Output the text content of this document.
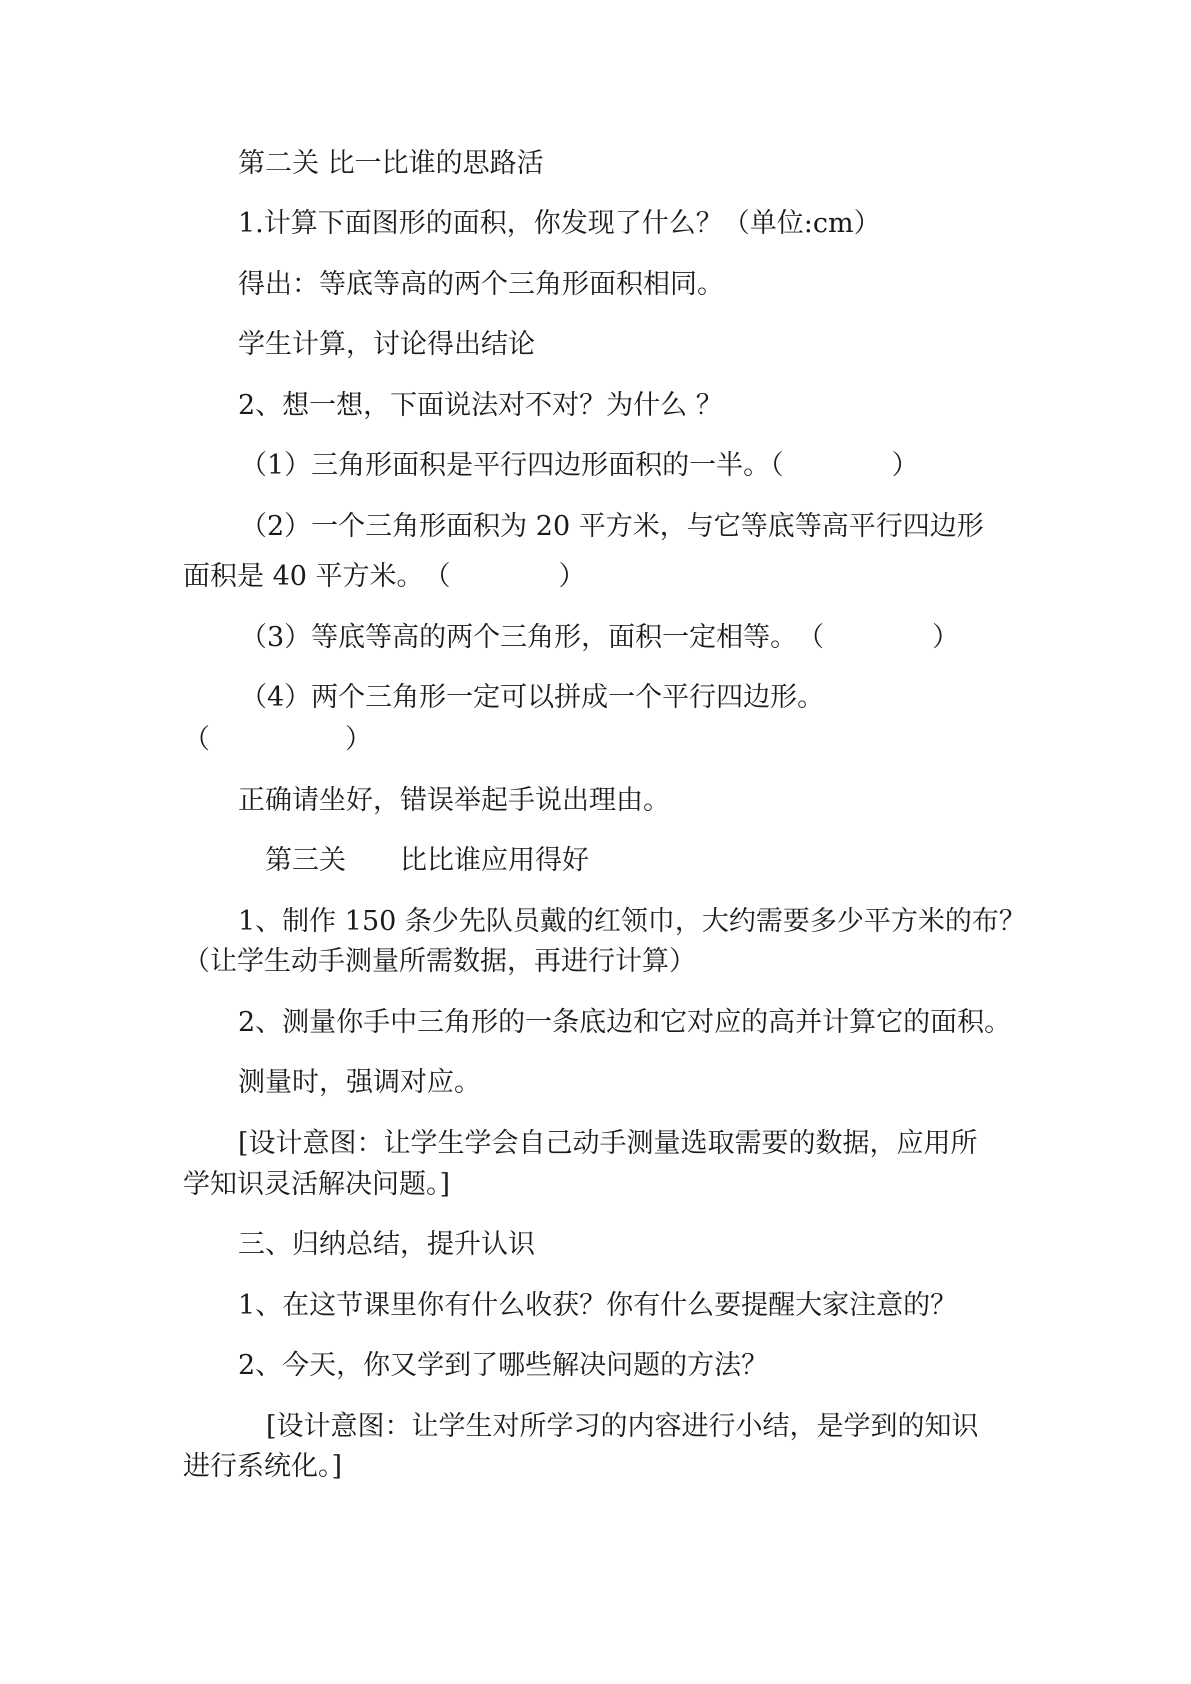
第二关 比一比谁的思路活
1.计算下面图形的面积，你发现了什么？（单位:cm）
得出：等底等高的两个三角形面积相同。
学生计算，讨论得出结论
2、想一想，下面说法对不对？为什么 ？
（1）三角形面积是平行四边形面积的一半。（　　　　）
（2）一个三角形面积为 20 平方米，与它等底等高平行四边形
面积是 40 平方米。　（　　　　）
（3）等底等高的两个三角形，面积一定相等。　（　　　　）
（4）两个三角形一定可以拼成一个平行四边形。
（　　　　　）
正确请坐好，错误举起手说出理由。
第三关　　比比谁应用得好
1、制作 150 条少先队员戴的红领巾，大约需要多少平方米的布？
（让学生动手测量所需数据，再进行计算）
2、测量你手中三角形的一条底边和它对应的高并计算它的面积。
测量时，强调对应。
[设计意图：让学生学会自己动手测量选取需要的数据，应用所
学知识灵活解决问题。]
三、归纳总结，提升认识
1、在这节课里你有什么收获？你有什么要提醒大家注意的？
2、今天，你又学到了哪些解决问题的方法？
[设计意图：让学生对所学习的内容进行小结，是学到的知识
进行系统化。]
